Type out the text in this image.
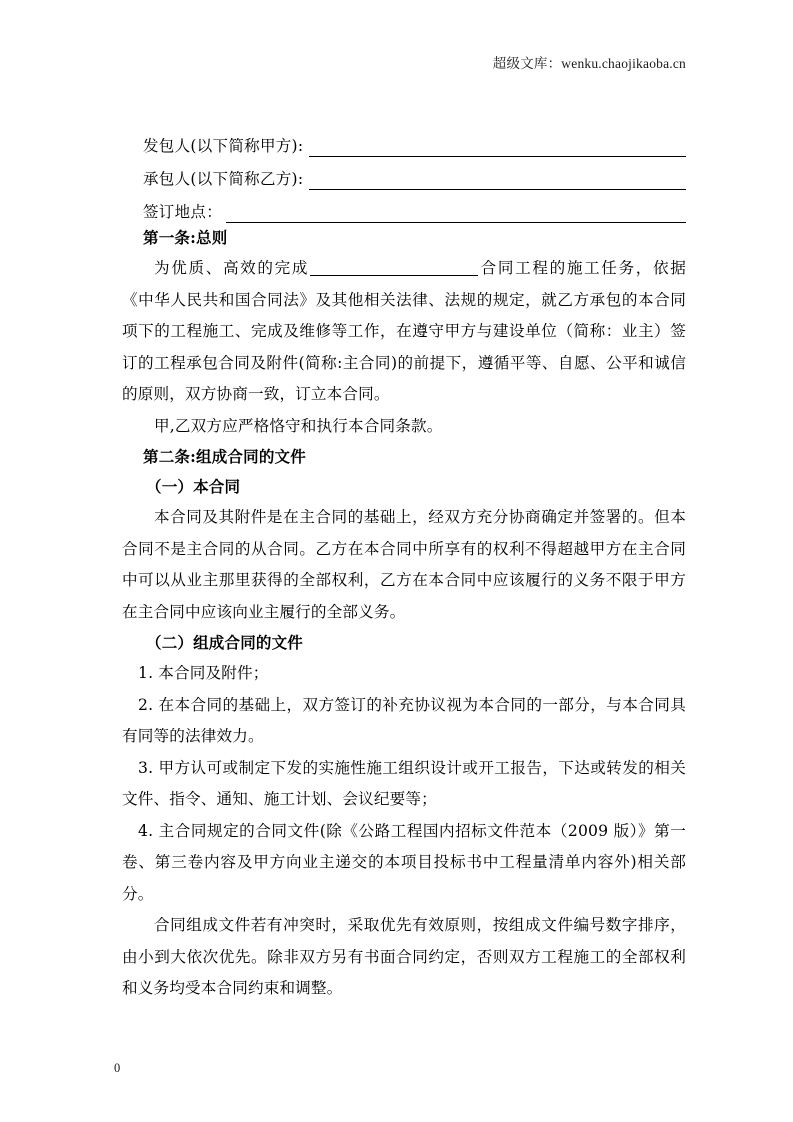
超级文库：wenku.chaojikaoba.cn
发包人(以下简称甲方):
承包人(以下简称乙方):
签订地点：
第一条:总则

为优质、高效的完成	合同工程的施工任务，依据《中华人民共和国合同法》及其他相关法律、法规的规定，就乙方承包的本合同项下的工程施工、完成及维修等工作，在遵守甲方与建设单位（简称：业主）签订的工程承包合同及附件(简称:主合同)的前提下，遵循平等、自愿、公平和诚信的原则，双方协商一致，订立本合同。

甲,乙双方应严格恪守和执行本合同条款。

第二条:组成合同的文件
（一）本合同

本合同及其附件是在主合同的基础上，经双方充分协商确定并签署的。但本合同不是主合同的从合同。乙方在本合同中所享有的权利不得超越甲方在主合同中可以从业主那里获得的全部权利，乙方在本合同中应该履行的义务不限于甲方在主合同中应该向业主履行的全部义务。

（二）组成合同的文件

1. 本合同及附件；

2. 在本合同的基础上，双方签订的补充协议视为本合同的一部分，与本合同具有同等的法律效力。

3. 甲方认可或制定下发的实施性施工组织设计或开工报告，下达或转发的相关文件、指令、通知、施工计划、会议纪要等；

4. 主合同规定的合同文件(除《公路工程国内招标文件范本（2009 版）》第一卷、第三卷内容及甲方向业主递交的本项目投标书中工程量清单内容外)相关部分。

合同组成文件若有冲突时，采取优先有效原则，按组成文件编号数字排序，由小到大依次优先。除非双方另有书面合同约定，否则双方工程施工的全部权利和义务均受本合同约束和调整。

0
